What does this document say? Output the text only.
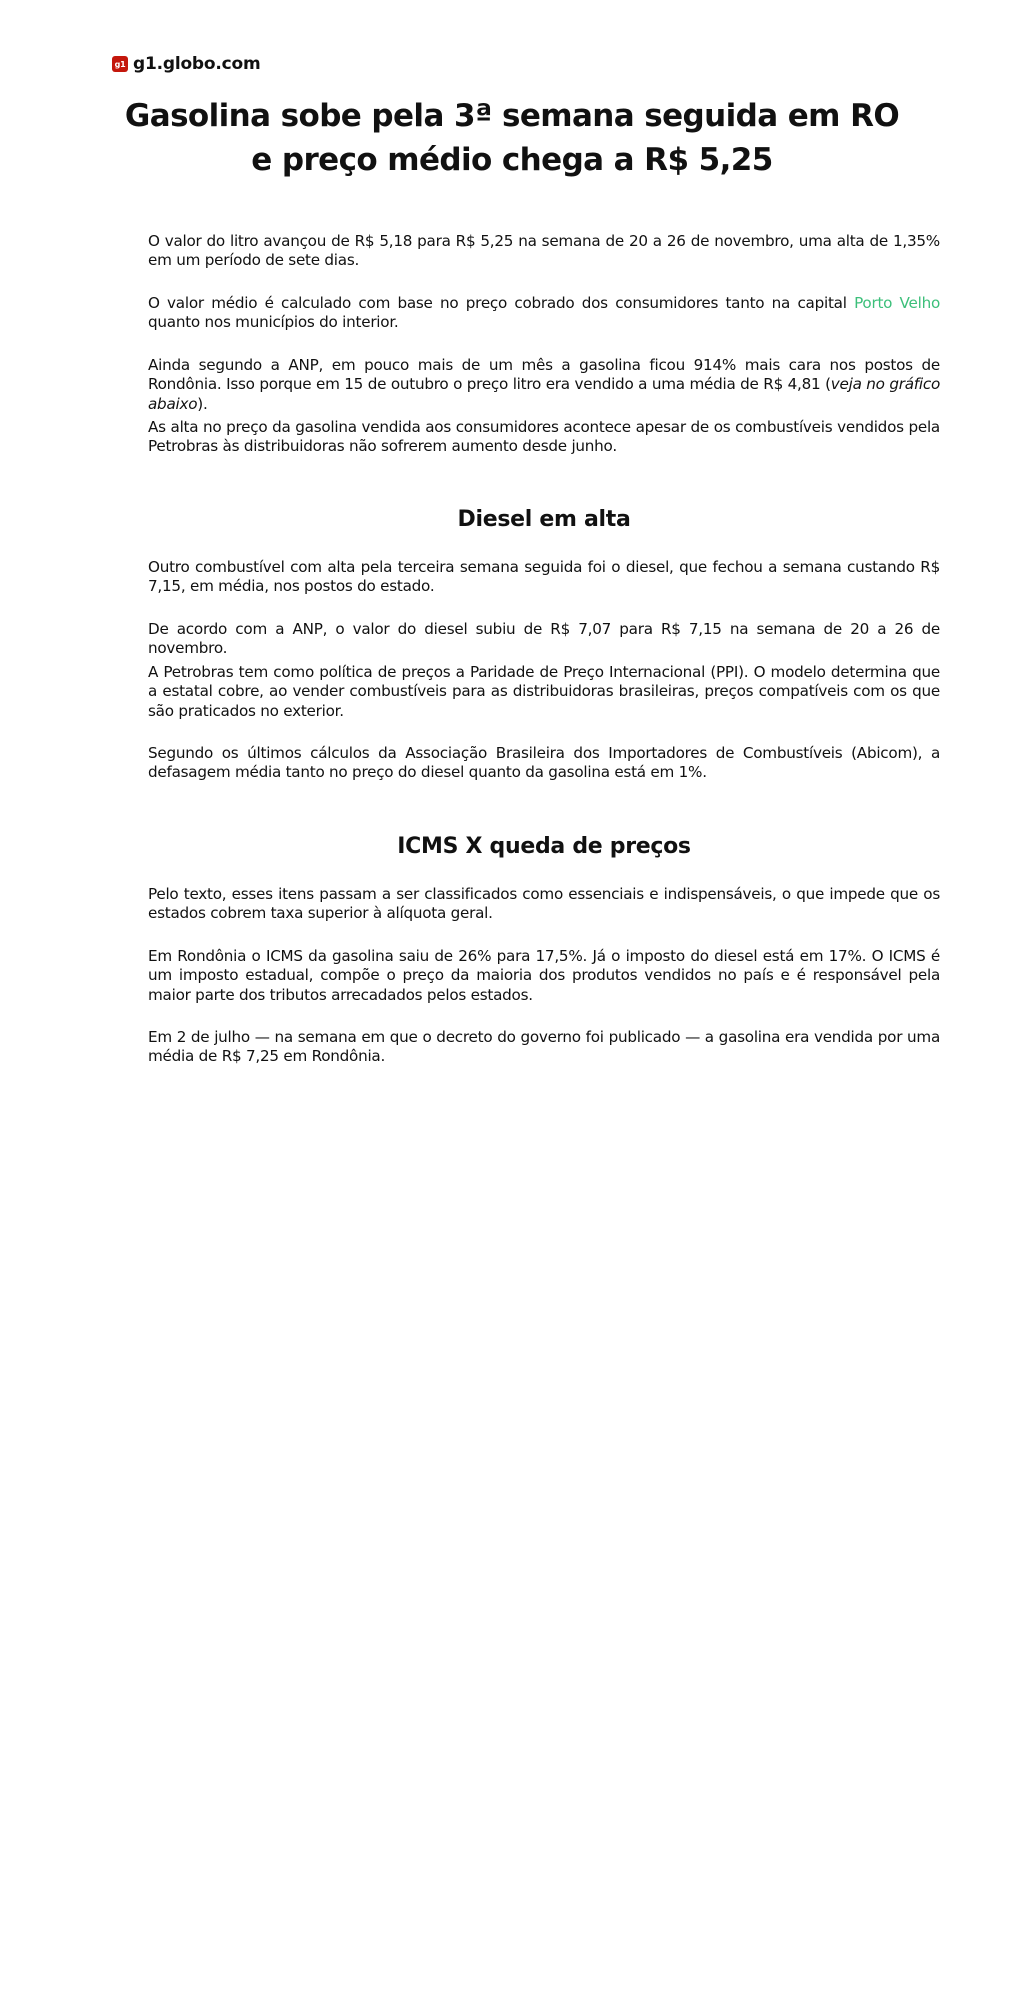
g1 g1.globo.com
Gasolina sobe pela 3ª semana seguida em RO e preço médio chega a R$ 5,25

O valor do litro avançou de R$ 5,18 para R$ 5,25 na semana de 20 a 26 de novembro, uma alta de 1,35% em um período de sete dias.

O valor médio é calculado com base no preço cobrado dos consumidores tanto na capital Porto Velho quanto nos municípios do interior.

Ainda segundo a ANP, em pouco mais de um mês a gasolina ficou 914% mais cara nos postos de Rondônia. Isso porque em 15 de outubro o preço litro era vendido a uma média de R$ 4,81 (veja no gráfico abaixo).

As alta no preço da gasolina vendida aos consumidores acontece apesar de os combustíveis vendidos pela Petrobras às distribuidoras não sofrerem aumento desde junho.

Diesel em alta

Outro combustível com alta pela terceira semana seguida foi o diesel, que fechou a semana custando R$ 7,15, em média, nos postos do estado.

De acordo com a ANP, o valor do diesel subiu de R$ 7,07 para R$ 7,15 na semana de 20 a 26 de novembro.

A Petrobras tem como política de preços a Paridade de Preço Internacional (PPI). O modelo determina que a estatal cobre, ao vender combustíveis para as distribuidoras brasileiras, preços compatíveis com os que são praticados no exterior.

Segundo os últimos cálculos da Associação Brasileira dos Importadores de Combustíveis (Abicom), a defasagem média tanto no preço do diesel quanto da gasolina está em 1%.

ICMS X queda de preços

Pelo texto, esses itens passam a ser classificados como essenciais e indispensáveis, o que impede que os estados cobrem taxa superior à alíquota geral.

Em Rondônia o ICMS da gasolina saiu de 26% para 17,5%. Já o imposto do diesel está em 17%. O ICMS é um imposto estadual, compõe o preço da maioria dos produtos vendidos no país e é responsável pela maior parte dos tributos arrecadados pelos estados.

Em 2 de julho — na semana em que o decreto do governo foi publicado — a gasolina era vendida por uma média de R$ 7,25 em Rondônia.
